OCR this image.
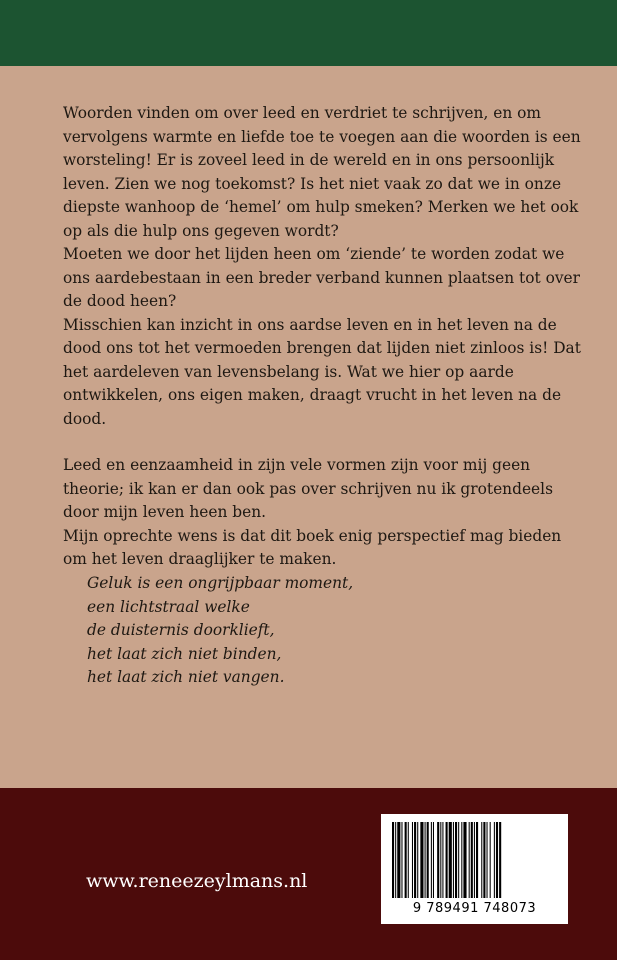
Woorden vinden om over leed en verdriet te schrijven, en om vervolgens warmte en liefde toe te voegen aan die woorden is een worsteling! Er is zoveel leed in de wereld en in ons persoonlijk leven. Zien we nog toekomst? Is het niet vaak zo dat we in onze diepste wanhoop de ‘hemel’ om hulp smeken? Merken we het ook op als die hulp ons gegeven wordt?

Moeten we door het lijden heen om ‘ziende’ te worden zodat we ons aardebestaan in een breder verband kunnen plaatsen tot over de dood heen?

Misschien kan inzicht in ons aardse leven en in het leven na de dood ons tot het vermoeden brengen dat lijden niet zinloos is! Dat het aardeleven van levensbelang is. Wat we hier op aarde ontwikkelen, ons eigen maken, draagt vrucht in het leven na de dood.

Leed en eenzaamheid in zijn vele vormen zijn voor mij geen theorie; ik kan er dan ook pas over schrijven nu ik grotendeels door mijn leven heen ben.

Mijn oprechte wens is dat dit boek enig perspectief mag bieden om het leven draaglijker te maken.

Geluk is een ongrijpbaar moment,
een lichtstraal welke
de duisternis doorklieft,
het laat zich niet binden,
het laat zich niet vangen.
www.reneezeylmans.nl
9 789491 748073
